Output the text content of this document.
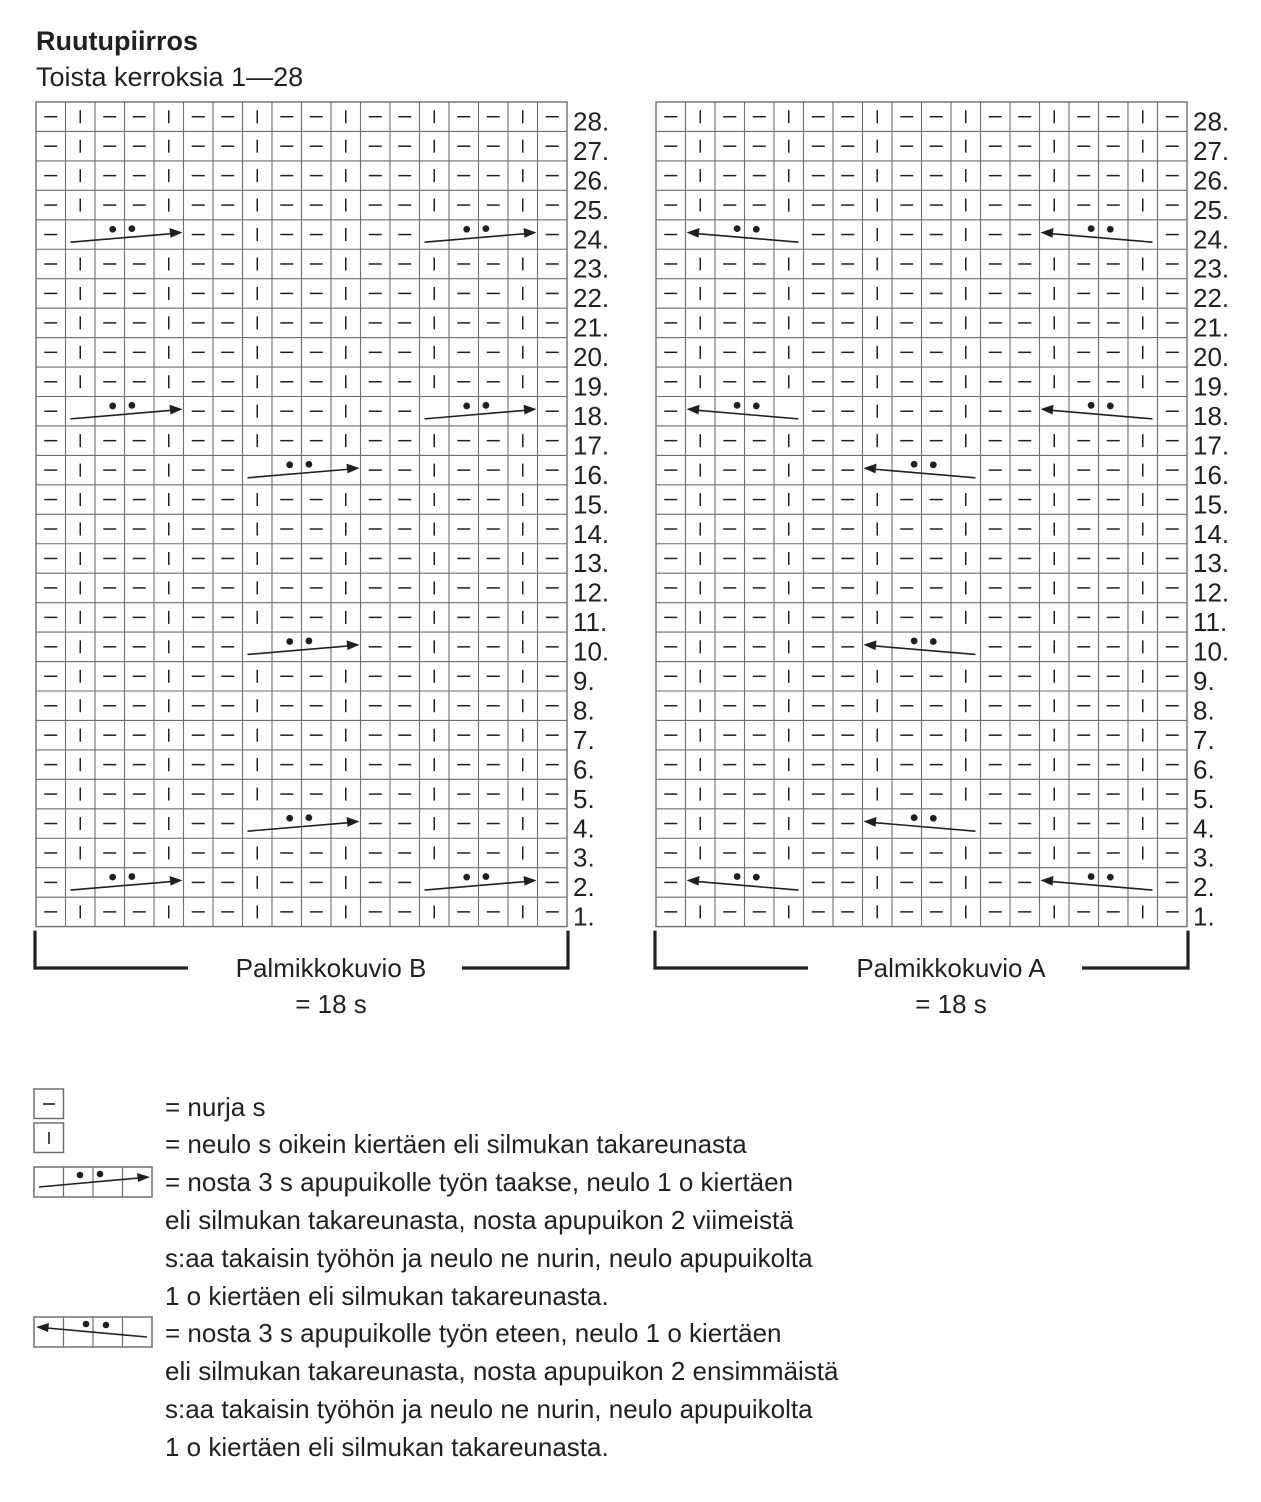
Ruutupiirros
Toista kerroksia 1—28
1.
2.
3.
4.
5.
6.
7.
8.
9.
10.
11.
12.
13.
14.
15.
16.
17.
18.
19.
20.
21.
22.
23.
24.
25.
26.
27.
28.
1.
2.
3.
4.
5.
6.
7.
8.
9.
10.
11.
12.
13.
14.
15.
16.
17.
18.
19.
20.
21.
22.
23.
24.
25.
26.
27.
28.
Palmikkokuvio B
= 18 s
Palmikkokuvio A
= 18 s
= nurja s
= neulo s oikein kiertäen eli silmukan takareunasta
= nosta 3 s apupuikolle työn taakse, neulo 1 o kiertäen
eli silmukan takareunasta, nosta apupuikon 2 viimeistä
s:aa takaisin työhön ja neulo ne nurin, neulo apupuikolta
1 o kiertäen eli silmukan takareunasta.
= nosta 3 s apupuikolle työn eteen, neulo 1 o kiertäen
eli silmukan takareunasta, nosta apupuikon 2 ensimmäistä
s:aa takaisin työhön ja neulo ne nurin, neulo apupuikolta
1 o kiertäen eli silmukan takareunasta.
